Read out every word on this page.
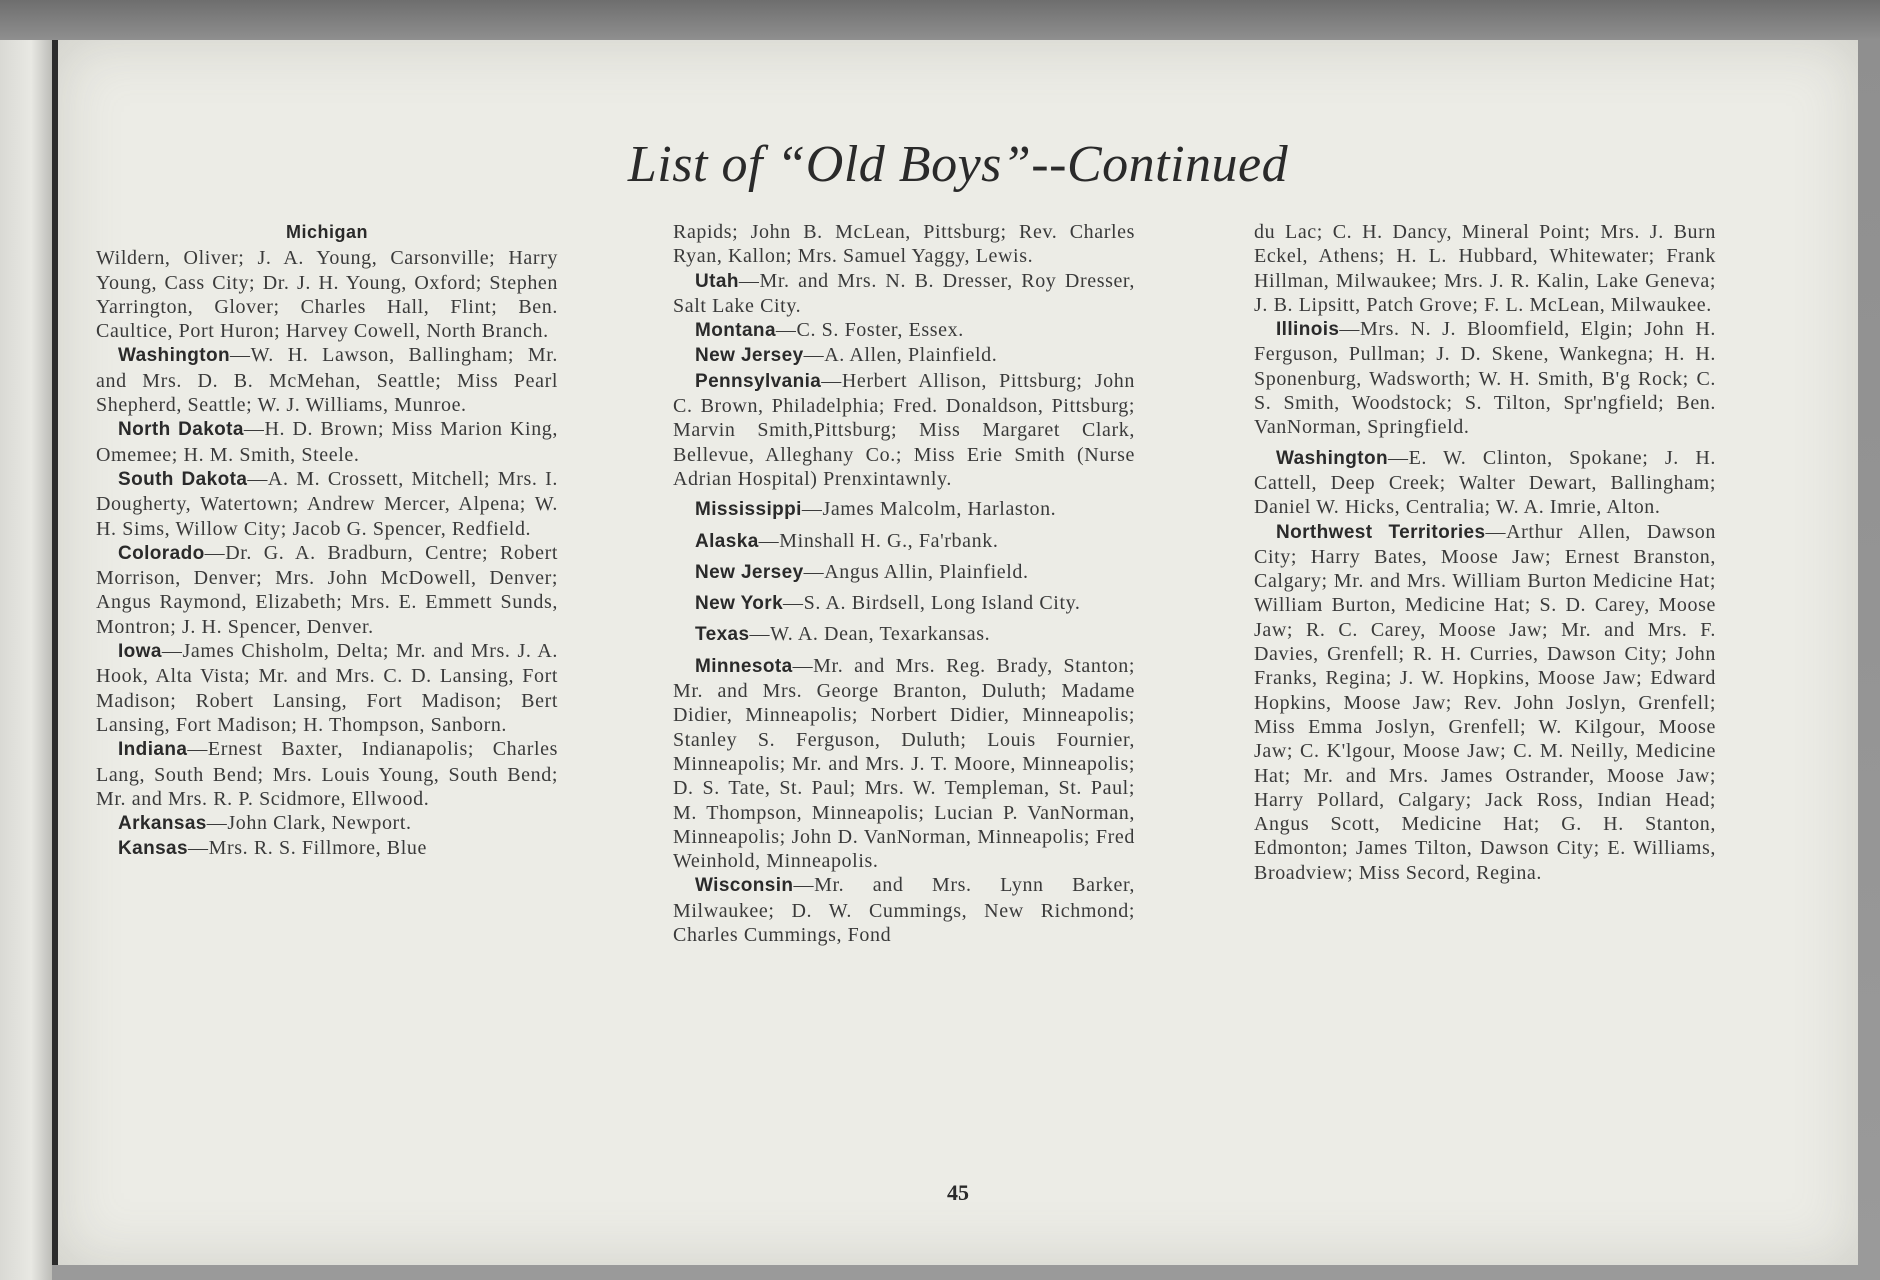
List of “Old Boys”--Continued

Michigan

Wildern, Oliver; J. A. Young, Carsonville; Harry Young, Cass City; Dr. J. H. Young, Oxford; Stephen Yarrington, Glover; Charles Hall, Flint; Ben. Caultice, Port Huron; Harvey Cowell, North Branch.

Washington—W. H. Lawson, Ballingham; Mr. and Mrs. D. B. McMehan, Seattle; Miss Pearl Shepherd, Seattle; W. J. Williams, Munroe.

North Dakota—H. D. Brown; Miss Marion King, Omemee; H. M. Smith, Steele.

South Dakota—A. M. Crossett, Mitchell; Mrs. I. Dougherty, Watertown; Andrew Mercer, Alpena; W. H. Sims, Willow City; Jacob G. Spencer, Redfield.

Colorado—Dr. G. A. Bradburn, Centre; Robert Morrison, Denver; Mrs. John McDowell, Denver; Angus Raymond, Elizabeth; Mrs. E. Emmett Sunds, Montron; J. H. Spencer, Denver.

Iowa—James Chisholm, Delta; Mr. and Mrs. J. A. Hook, Alta Vista; Mr. and Mrs. C. D. Lansing, Fort Madison; Robert Lansing, Fort Madison; Bert Lansing, Fort Madison; H. Thompson, Sanborn.

Indiana—Ernest Baxter, Indianapolis; Charles Lang, South Bend; Mrs. Louis Young, South Bend; Mr. and Mrs. R. P. Scidmore, Ellwood.

Arkansas—John Clark, Newport.

Kansas—Mrs. R. S. Fillmore, Blue

Rapids; John B. McLean, Pittsburg; Rev. Charles Ryan, Kallon; Mrs. Samuel Yaggy, Lewis.

Utah—Mr. and Mrs. N. B. Dresser, Roy Dresser, Salt Lake City.

Montana—C. S. Foster, Essex.

New Jersey—A. Allen, Plainfield.

Pennsylvania—Herbert Allison, Pittsburg; John C. Brown, Philadelphia; Fred. Donaldson, Pittsburg; Marvin Smith,Pittsburg; Miss Margaret Clark, Bellevue, Alleghany Co.; Miss Erie Smith (Nurse Adrian Hospital) Prenxintawnly.

Mississippi—James Malcolm, Harlaston.

Alaska—Minshall H. G., Fa'rbank.

New Jersey—Angus Allin, Plainfield.

New York—S. A. Birdsell, Long Island City.

Texas—W. A. Dean, Texarkansas.

Minnesota—Mr. and Mrs. Reg. Brady, Stanton; Mr. and Mrs. George Branton, Duluth; Madame Didier, Minneapolis; Norbert Didier, Minneapolis; Stanley S. Ferguson, Duluth; Louis Fournier, Minneapolis; Mr. and Mrs. J. T. Moore, Minneapolis; D. S. Tate, St. Paul; Mrs. W. Templeman, St. Paul; M. Thompson, Minneapolis; Lucian P. VanNorman, Minneapolis; John D. VanNorman, Minneapolis; Fred Weinhold, Minneapolis.

Wisconsin—Mr. and Mrs. Lynn Barker, Milwaukee; D. W. Cummings, New Richmond; Charles Cummings, Fond

du Lac; C. H. Dancy, Mineral Point; Mrs. J. Burn Eckel, Athens; H. L. Hubbard, Whitewater; Frank Hillman, Milwaukee; Mrs. J. R. Kalin, Lake Geneva; J. B. Lipsitt, Patch Grove; F. L. McLean, Milwaukee.

Illinois—Mrs. N. J. Bloomfield, Elgin; John H. Ferguson, Pullman; J. D. Skene, Wankegna; H. H. Sponenburg, Wadsworth; W. H. Smith, B'g Rock; C. S. Smith, Woodstock; S. Tilton, Spr'ngfield; Ben. VanNorman, Springfield.

Washington—E. W. Clinton, Spokane; J. H. Cattell, Deep Creek; Walter Dewart, Ballingham; Daniel W. Hicks, Centralia; W. A. Imrie, Alton.

Northwest Territories—Arthur Allen, Dawson City; Harry Bates, Moose Jaw; Ernest Branston, Calgary; Mr. and Mrs. William Burton Medicine Hat; William Burton, Medicine Hat; S. D. Carey, Moose Jaw; R. C. Carey, Moose Jaw; Mr. and Mrs. F. Davies, Grenfell; R. H. Curries, Dawson City; John Franks, Regina; J. W. Hopkins, Moose Jaw; Edward Hopkins, Moose Jaw; Rev. John Joslyn, Grenfell; Miss Emma Joslyn, Grenfell; W. Kilgour, Moose Jaw; C. K'lgour, Moose Jaw; C. M. Neilly, Medicine Hat; Mr. and Mrs. James Ostrander, Moose Jaw; Harry Pollard, Calgary; Jack Ross, Indian Head; Angus Scott, Medicine Hat; G. H. Stanton, Edmonton; James Tilton, Dawson City; E. Williams, Broadview; Miss Secord, Regina.

45
